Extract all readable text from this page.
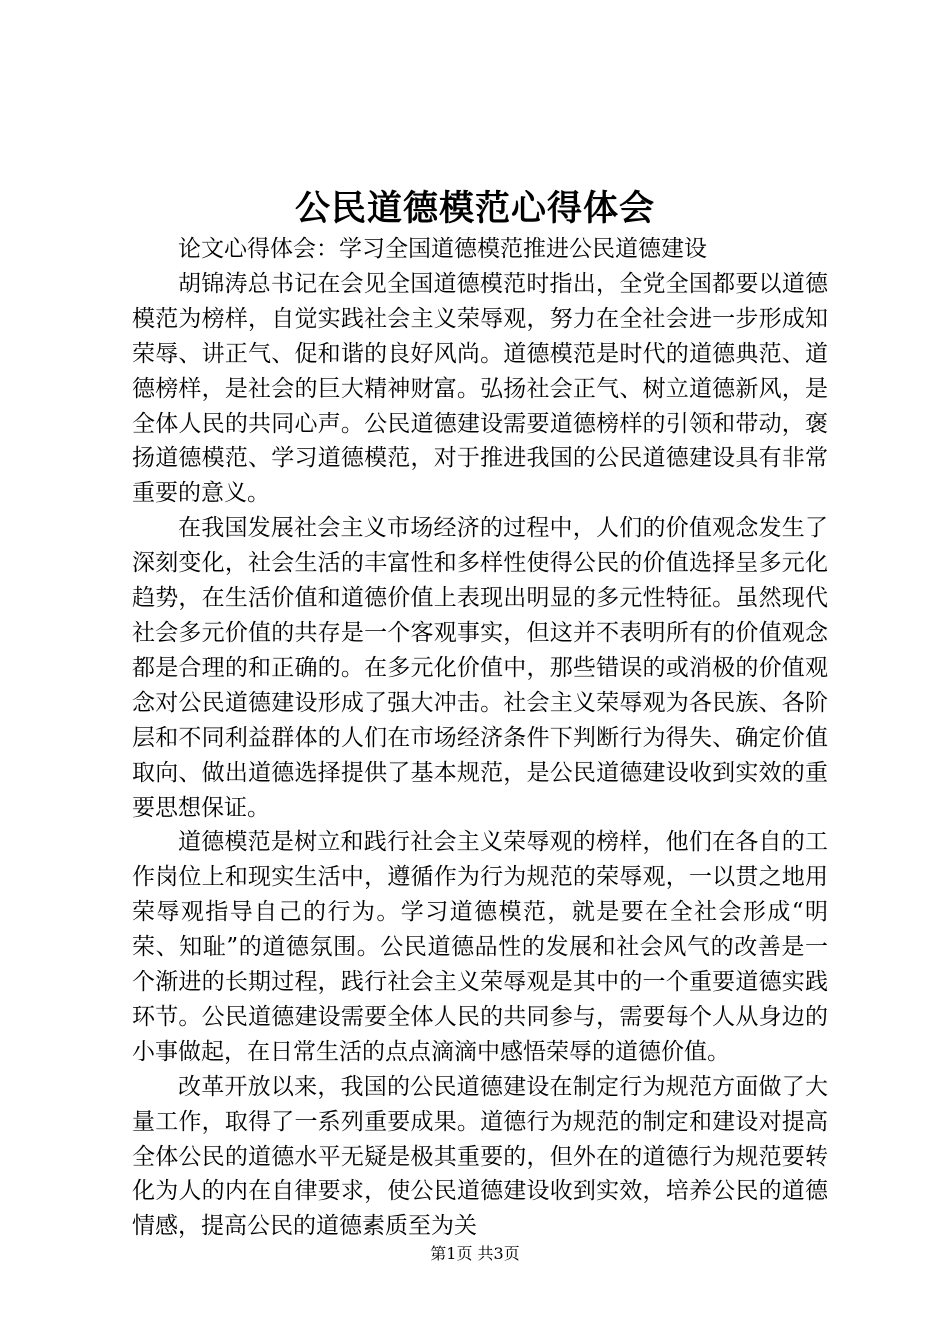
公民道德模范心得体会

论文心得体会：学习全国道德模范推进公民道德建设

胡锦涛总书记在会见全国道德模范时指出，全党全国都要以道德模范为榜样，自觉实践社会主义荣辱观，努力在全社会进一步形成知荣辱、讲正气、促和谐的良好风尚。道德模范是时代的道德典范、道德榜样，是社会的巨大精神财富。弘扬社会正气、树立道德新风，是全体人民的共同心声。公民道德建设需要道德榜样的引领和带动，褒扬道德模范、学习道德模范，对于推进我国的公民道德建设具有非常重要的意义。

在我国发展社会主义市场经济的过程中，人们的价值观念发生了深刻变化，社会生活的丰富性和多样性使得公民的价值选择呈多元化趋势，在生活价值和道德价值上表现出明显的多元性特征。虽然现代社会多元价值的共存是一个客观事实，但这并不表明所有的价值观念都是合理的和正确的。在多元化价值中，那些错误的或消极的价值观念对公民道德建设形成了强大冲击。社会主义荣辱观为各民族、各阶层和不同利益群体的人们在市场经济条件下判断行为得失、确定价值取向、做出道德选择提供了基本规范，是公民道德建设收到实效的重要思想保证。

道德模范是树立和践行社会主义荣辱观的榜样，他们在各自的工作岗位上和现实生活中，遵循作为行为规范的荣辱观，一以贯之地用荣辱观指导自己的行为。学习道德模范，就是要在全社会形成“明荣、知耻”的道德氛围。公民道德品性的发展和社会风气的改善是一个渐进的长期过程，践行社会主义荣辱观是其中的一个重要道德实践环节。公民道德建设需要全体人民的共同参与，需要每个人从身边的小事做起，在日常生活的点点滴滴中感悟荣辱的道德价值。

改革开放以来，我国的公民道德建设在制定行为规范方面做了大量工作，取得了一系列重要成果。道德行为规范的制定和建设对提高全体公民的道德水平无疑是极其重要的，但外在的道德行为规范要转化为人的内在自律要求，使公民道德建设收到实效，培养公民的道德情感，提高公民的道德素质至为关

第1页 共3页
